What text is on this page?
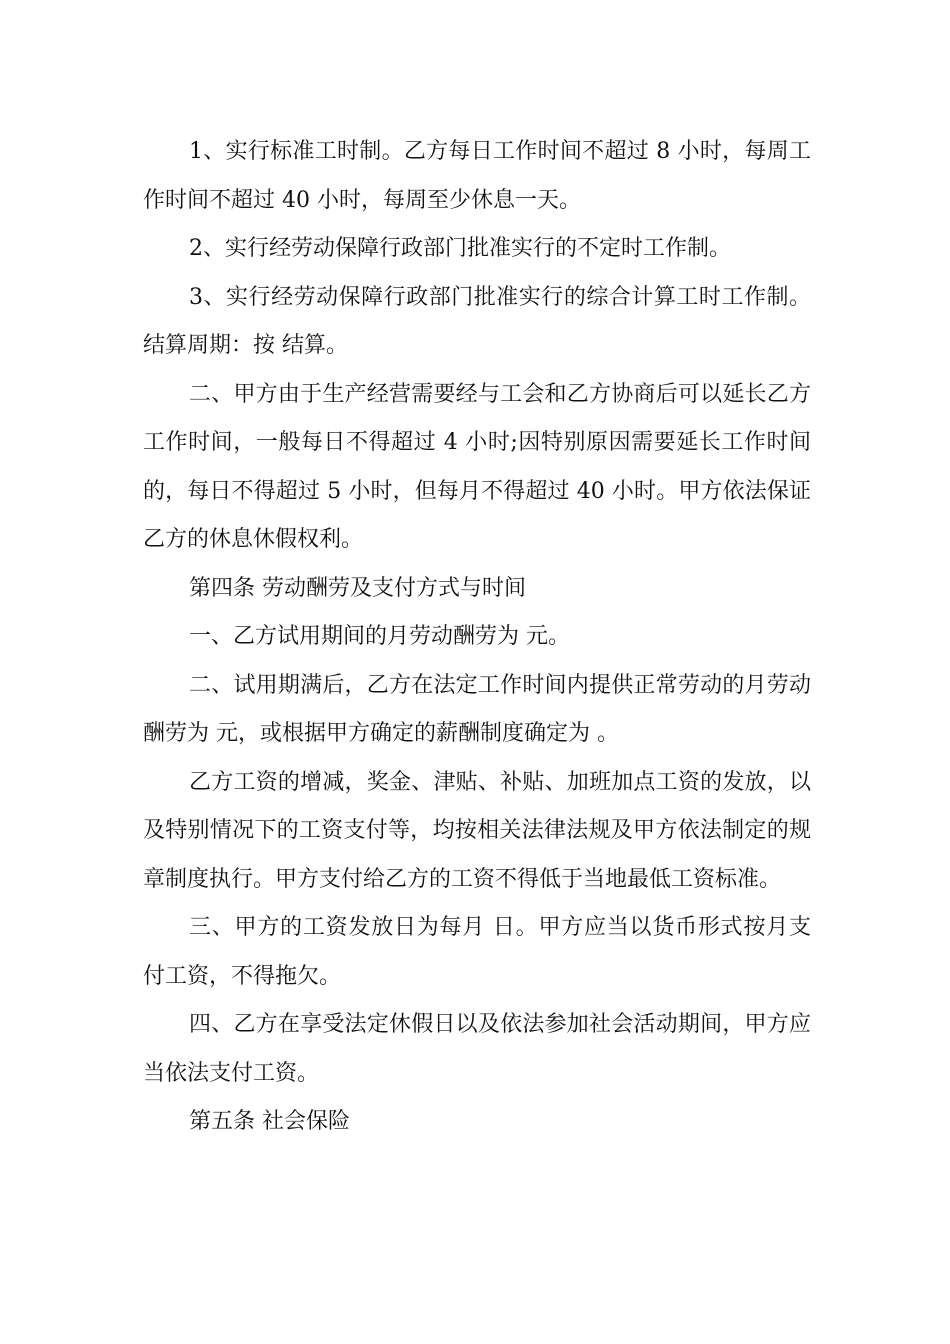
1、实行标准工时制。乙方每日工作时间不超过 8 小时，每周工作时间不超过 40 小时，每周至少休息一天。

2、实行经劳动保障行政部门批准实行的不定时工作制。

3、实行经劳动保障行政部门批准实行的综合计算工时工作制。结算周期：按 结算。

二、甲方由于生产经营需要经与工会和乙方协商后可以延长乙方工作时间，一般每日不得超过 4 小时;因特别原因需要延长工作时间的，每日不得超过 5 小时，但每月不得超过 40 小时。甲方依法保证乙方的休息休假权利。

第四条 劳动酬劳及支付方式与时间

一、乙方试用期间的月劳动酬劳为 元。

二、试用期满后，乙方在法定工作时间内提供正常劳动的月劳动酬劳为 元，或根据甲方确定的薪酬制度确定为 。

乙方工资的增减，奖金、津贴、补贴、加班加点工资的发放，以及特别情况下的工资支付等，均按相关法律法规及甲方依法制定的规章制度执行。甲方支付给乙方的工资不得低于当地最低工资标准。

三、甲方的工资发放日为每月 日。甲方应当以货币形式按月支付工资，不得拖欠。

四、乙方在享受法定休假日以及依法参加社会活动期间，甲方应当依法支付工资。

第五条 社会保险
